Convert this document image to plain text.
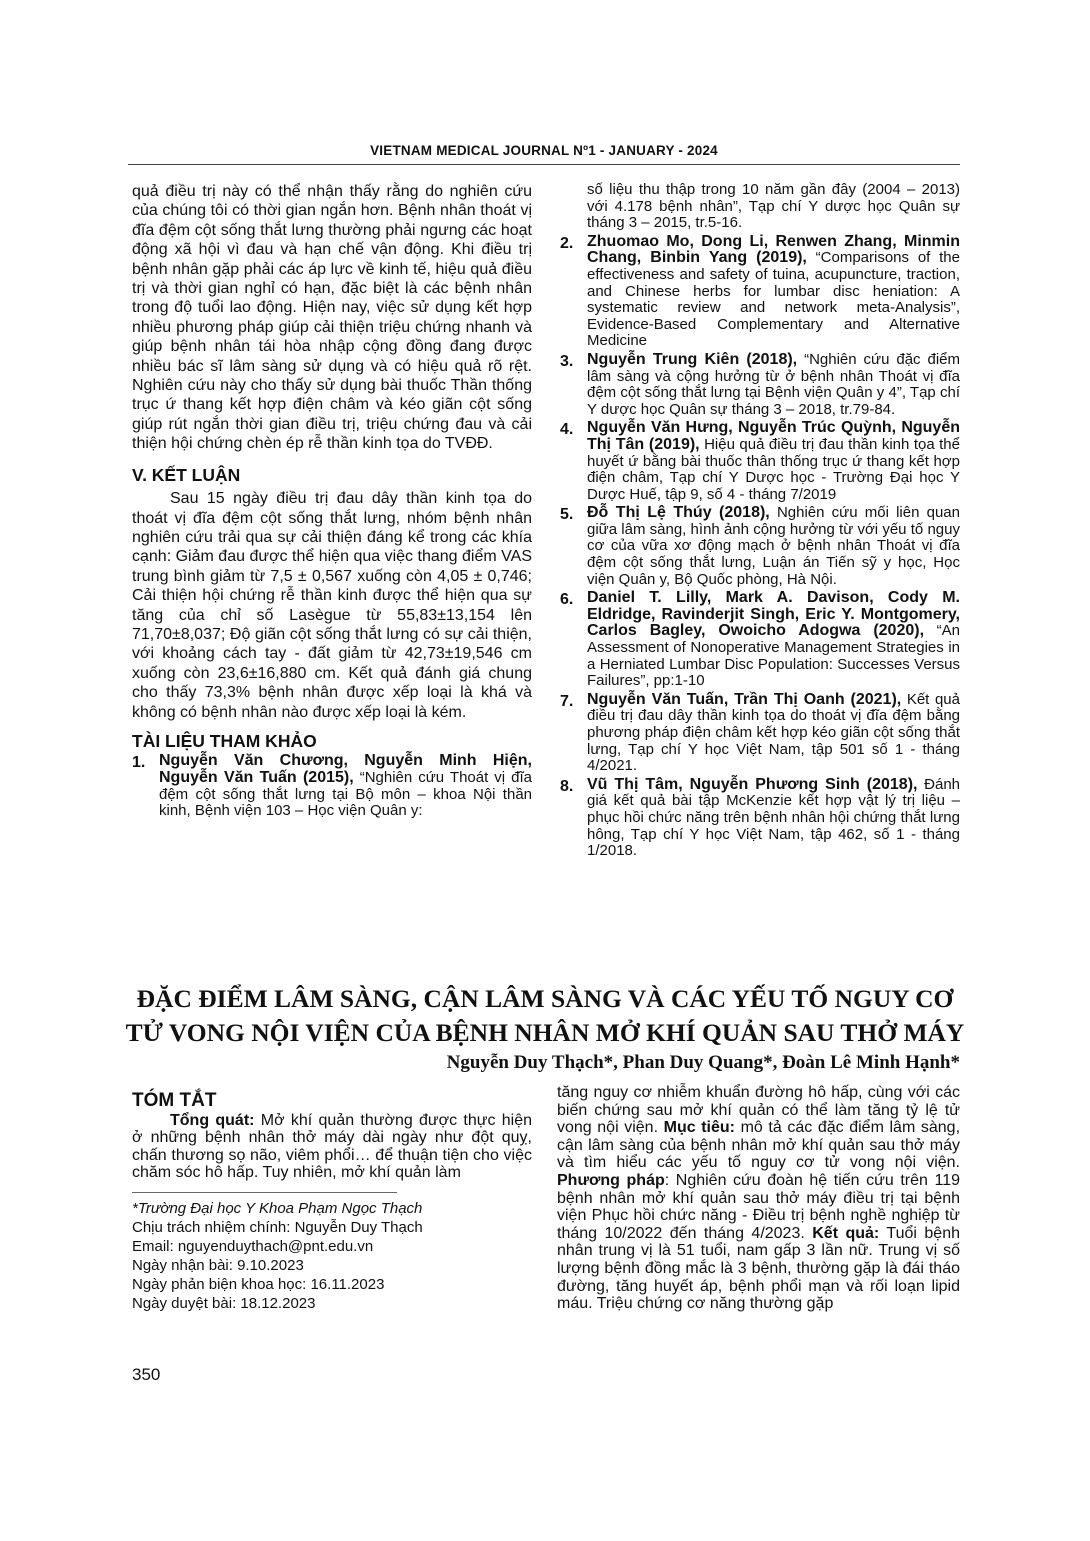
VIETNAM MEDICAL JOURNAL Nº1 - JANUARY - 2024

quả điều trị này có thể nhận thấy rằng do nghiên cứu của chúng tôi có thời gian ngắn hơn. Bệnh nhân thoát vị đĩa đệm cột sống thắt lưng thường phải ngưng các hoạt động xã hội vì đau và hạn chế vận động. Khi điều trị bệnh nhân gặp phải các áp lực về kinh tế, hiệu quả điều trị và thời gian nghỉ có hạn, đặc biệt là các bệnh nhân trong độ tuổi lao động. Hiện nay, việc sử dụng kết hợp nhiều phương pháp giúp cải thiện triệu chứng nhanh và giúp bệnh nhân tái hòa nhập cộng đồng đang được nhiều bác sĩ lâm sàng sử dụng và có hiệu quả rõ rệt. Nghiên cứu này cho thấy sử dụng bài thuốc Thần thống trục ứ thang kết hợp điện châm và kéo giãn cột sống giúp rút ngắn thời gian điều trị, triệu chứng đau và cải thiện hội chứng chèn ép rễ thần kinh tọa do TVĐĐ.

V. KẾT LUẬN

Sau 15 ngày điều trị đau dây thần kinh tọa do thoát vị đĩa đệm cột sống thắt lưng, nhóm bệnh nhân nghiên cứu trải qua sự cải thiện đáng kể trong các khía cạnh: Giảm đau được thể hiện qua việc thang điểm VAS trung bình giảm từ 7,5 ± 0,567 xuống còn 4,05 ± 0,746; Cải thiện hội chứng rễ thần kinh được thể hiện qua sự tăng của chỉ số Lasègue từ 55,83±13,154 lên 71,70±8,037; Độ giãn cột sống thắt lưng có sự cải thiện, với khoảng cách tay - đất giảm từ 42,73±19,546 cm xuống còn 23,6±16,880 cm. Kết quả đánh giá chung cho thấy 73,3% bệnh nhân được xếp loại là khá và không có bệnh nhân nào được xếp loại là kém.

TÀI LIỆU THAM KHẢO
1. Nguyễn Văn Chương, Nguyễn Minh Hiện, Nguyễn Văn Tuấn (2015), “Nghiên cứu Thoát vị đĩa đệm cột sống thắt lưng tại Bộ môn – khoa Nội thần kinh, Bệnh viện 103 – Học viện Quân y:
số liệu thu thập trong 10 năm gần đây (2004 – 2013) với 4.178 bệnh nhân”, Tạp chí Y dược học Quân sự tháng 3 – 2015, tr.5-16.
2. Zhuomao Mo, Dong Li, Renwen Zhang, Minmin Chang, Binbin Yang (2019), “Comparisons of the effectiveness and safety of tuina, acupuncture, traction, and Chinese herbs for lumbar disc heniation: A systematic review and network meta-Analysis”, Evidence-Based Complementary and Alternative Medicine
3. Nguyễn Trung Kiên (2018), “Nghiên cứu đặc điểm lâm sàng và cộng hưởng từ ở bệnh nhân Thoát vị đĩa đệm cột sống thắt lưng tại Bệnh viện Quân y 4”, Tạp chí Y dược học Quân sự tháng 3 – 2018, tr.79-84.
4. Nguyễn Văn Hưng, Nguyễn Trúc Quỳnh, Nguyễn Thị Tân (2019), Hiệu quả điều trị đau thần kinh tọa thể huyết ứ bằng bài thuốc thân thống trục ứ thang kết hợp điện châm, Tạp chí Y Dược học - Trường Đại học Y Dược Huế, tập 9, số 4 - tháng 7/2019
5. Đỗ Thị Lệ Thúy (2018), Nghiên cứu mối liên quan giữa lâm sàng, hình ảnh cộng hưởng từ với yếu tố nguy cơ của vữa xơ động mạch ở bệnh nhân Thoát vị đĩa đệm cột sống thắt lưng, Luận án Tiến sỹ y học, Học viện Quân y, Bộ Quốc phòng, Hà Nội.
6. Daniel T. Lilly, Mark A. Davison, Cody M. Eldridge, Ravinderjit Singh, Eric Y. Montgomery, Carlos Bagley, Owoicho Adogwa (2020), “An Assessment of Nonoperative Management Strategies in a Herniated Lumbar Disc Population: Successes Versus Failures”, pp:1-10
7. Nguyễn Văn Tuấn, Trần Thị Oanh (2021), Kết quả điều trị đau dây thần kinh tọa do thoát vị đĩa đệm bằng phương pháp điện châm kết hợp kéo giãn cột sống thắt lưng, Tạp chí Y học Việt Nam, tập 501 số 1 - tháng 4/2021.
8. Vũ Thị Tâm, Nguyễn Phương Sinh (2018), Đánh giá kết quả bài tập McKenzie kết hợp vật lý trị liệu – phục hồi chức năng trên bệnh nhân hội chứng thắt lưng hông, Tạp chí Y học Việt Nam, tập 462, số 1 - tháng 1/2018.
ĐẶC ĐIỂM LÂM SÀNG, CẬN LÂM SÀNG VÀ CÁC YẾU TỐ NGUY CƠ
TỬ VONG NỘI VIỆN CỦA BỆNH NHÂN MỞ KHÍ QUẢN SAU THỞ MÁY
Nguyễn Duy Thạch*, Phan Duy Quang*, Đoàn Lê Minh Hạnh*
TÓM TẮT

Tổng quát: Mở khí quản thường được thực hiện ở những bệnh nhân thở máy dài ngày như đột quỵ, chấn thương sọ não, viêm phổi… để thuận tiện cho việc chăm sóc hô hấp. Tuy nhiên, mở khí quản làm

*Trường Đại học Y Khoa Phạm Ngọc Thạch
Chịu trách nhiệm chính: Nguyễn Duy Thạch
Email: nguyenduythach@pnt.edu.vn
Ngày nhận bài: 9.10.2023
Ngày phản biện khoa học: 16.11.2023
Ngày duyệt bài: 18.12.2023

tăng nguy cơ nhiễm khuẩn đường hô hấp, cùng với các biến chứng sau mở khí quản có thể làm tăng tỷ lệ tử vong nội viện. Mục tiêu: mô tả các đặc điểm lâm sàng, cận lâm sàng của bệnh nhân mở khí quản sau thở máy và tìm hiểu các yếu tố nguy cơ tử vong nội viện. Phương pháp: Nghiên cứu đoàn hệ tiến cứu trên 119 bệnh nhân mở khí quản sau thở máy điều trị tại bệnh viện Phục hồi chức năng - Điều trị bệnh nghề nghiệp từ tháng 10/2022 đến tháng 4/2023. Kết quả: Tuổi bệnh nhân trung vị là 51 tuổi, nam gấp 3 lần nữ. Trung vị số lượng bệnh đồng mắc là 3 bệnh, thường gặp là đái tháo đường, tăng huyết áp, bệnh phổi mạn và rối loạn lipid máu. Triệu chứng cơ năng thường gặp

350
